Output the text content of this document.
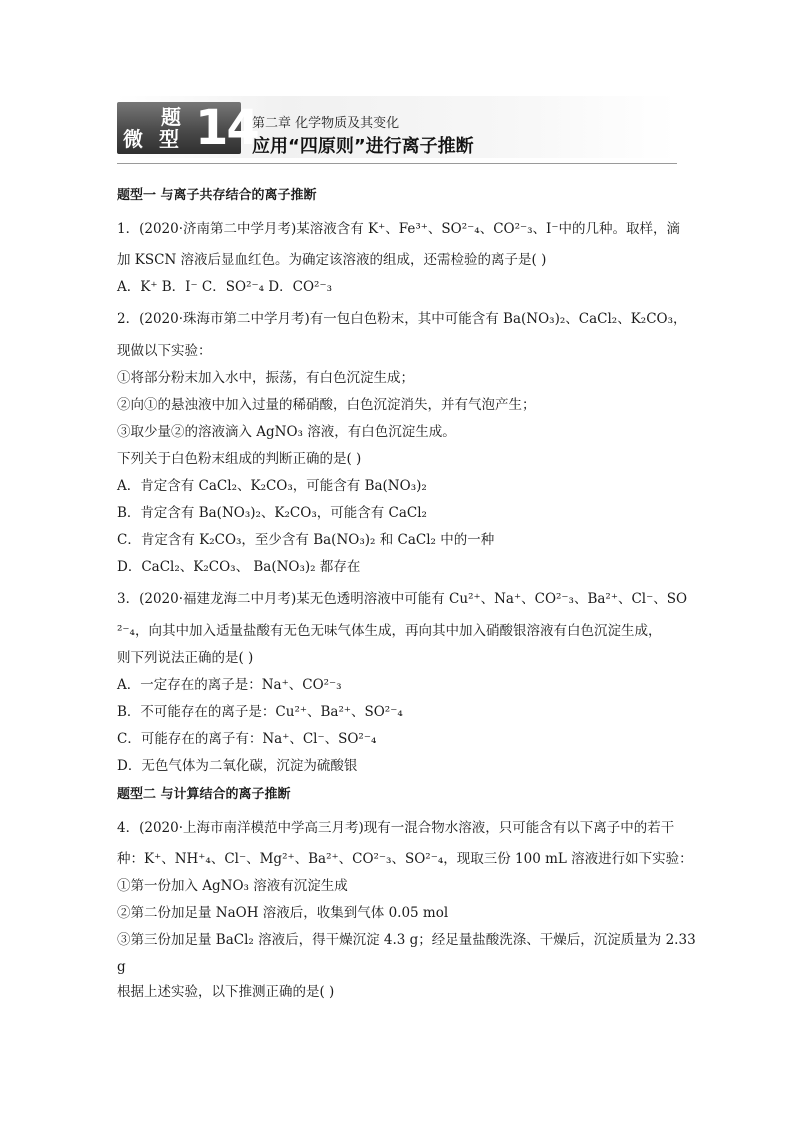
题
微 型 14
第二章 化学物质及其变化
应用“四原则”进行离子推断
题型一 与离子共存结合的离子推断
1．(2020·济南第二中学月考)某溶液含有 K⁺、Fe³⁺、SO²⁻₄、CO²⁻₃、I⁻中的几种。取样，滴
加 KSCN 溶液后显血红色。为确定该溶液的组成，还需检验的离子是( )
A．K⁺ B．I⁻ C．SO²⁻₄ D．CO²⁻₃
2．(2020·珠海市第二中学月考)有一包白色粉末，其中可能含有 Ba(NO₃)₂、CaCl₂、K₂CO₃，
现做以下实验：
①将部分粉末加入水中，振荡，有白色沉淀生成；
②向①的悬浊液中加入过量的稀硝酸，白色沉淀消失，并有气泡产生；
③取少量②的溶液滴入 AgNO₃ 溶液，有白色沉淀生成。
下列关于白色粉末组成的判断正确的是( )
A．肯定含有 CaCl₂、K₂CO₃，可能含有 Ba(NO₃)₂
B．肯定含有 Ba(NO₃)₂、K₂CO₃，可能含有 CaCl₂
C．肯定含有 K₂CO₃，至少含有 Ba(NO₃)₂ 和 CaCl₂ 中的一种
D．CaCl₂、K₂CO₃、 Ba(NO₃)₂ 都存在
3．(2020·福建龙海二中月考)某无色透明溶液中可能有 Cu²⁺、Na⁺、CO²⁻₃、Ba²⁺、Cl⁻、SO
²⁻₄，向其中加入适量盐酸有无色无味气体生成，再向其中加入硝酸银溶液有白色沉淀生成，
则下列说法正确的是( )
A．一定存在的离子是：Na⁺、CO²⁻₃
B．不可能存在的离子是：Cu²⁺、Ba²⁺、SO²⁻₄
C．可能存在的离子有：Na⁺、Cl⁻、SO²⁻₄
D．无色气体为二氧化碳，沉淀为硫酸银
题型二 与计算结合的离子推断
4．(2020·上海市南洋模范中学高三月考)现有一混合物水溶液，只可能含有以下离子中的若干
种：K⁺、NH⁺₄、Cl⁻、Mg²⁺、Ba²⁺、CO²⁻₃、SO²⁻₄，现取三份 100 mL 溶液进行如下实验：
①第一份加入 AgNO₃ 溶液有沉淀生成
②第二份加足量 NaOH 溶液后，收集到气体 0.05 mol
③第三份加足量 BaCl₂ 溶液后，得干燥沉淀 4.3 g；经足量盐酸洗涤、干燥后，沉淀质量为 2.33
g
根据上述实验，以下推测正确的是( )
